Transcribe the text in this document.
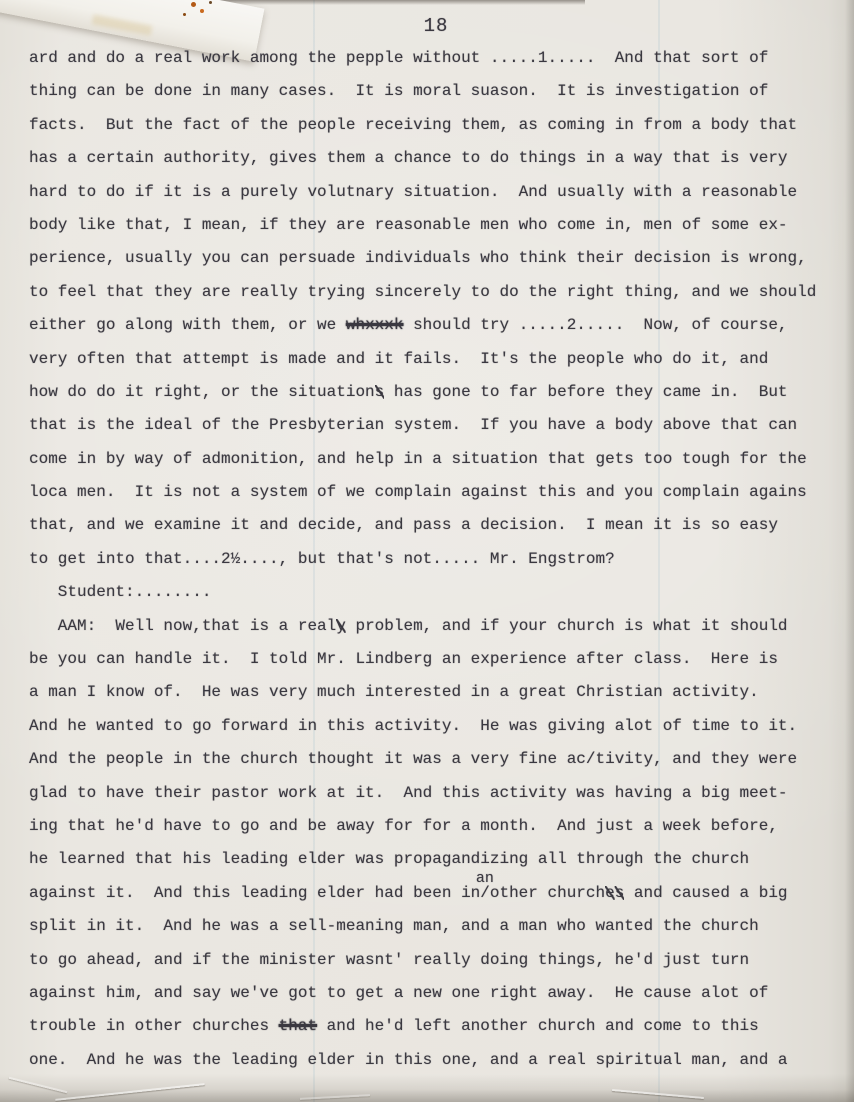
18
ard and do a real work among the pepple without .....1.....  And that sort of
thing can be done in many cases.  It is moral suason.  It is investigation of
facts.  But the fact of the people receiving them, as coming in from a body that
has a certain authority, gives them a chance to do things in a way that is very
hard to do if it is a purely volutnary situation.  And usually with a reasonable
body like that, I mean, if they are reasonable men who come in, men of some ex-
perience, usually you can persuade individuals who think their decision is wrong,
to feel that they are really trying sincerely to do the right thing, and we should
either go along with them, or we whxxxk should try .....2.....  Now, of course,
very often that attempt is made and it fails.  It's the people who do it, and
how do do it right, or the situations has gone to far before they came in.  But
that is the ideal of the Presbyterian system.  If you have a body above that can
come in by way of admonition, and help in a situation that gets too tough for the
loca men.  It is not a system of we complain against this and you complain agains
that, and we examine it and decide, and pass a decision.  I mean it is so easy
to get into that....2½...., but that's not..... Mr. Engstrom?
Student:........
AAM:  Well now,that is a realy problem, and if your church is what it should
be you can handle it.  I told Mr. Lindberg an experience after class.  Here is
a man I know of.  He was very much interested in a great Christian activity.
And he wanted to go forward in this activity.  He was giving alot of time to it.
And the people in the church thought it was a very fine ac/tivity, and they were
glad to have their pastor work at it.  And this activity was having a big meet-
ing that he'd have to go and be away for for a month.  And just a week before,
he learned that his leading elder was propagandizing all through the church
against it.  And this leading elder had been in/another churches and caused a big
split in it.  And he was a sell-meaning man, and a man who wanted the church
to go ahead, and if the minister wasnt' really doing things, he'd just turn
against him, and say we've got to get a new one right away.  He cause alot of
trouble in other churches that and he'd left another church and come to this
one.  And he was the leading elder in this one, and a real spiritual man, and a
